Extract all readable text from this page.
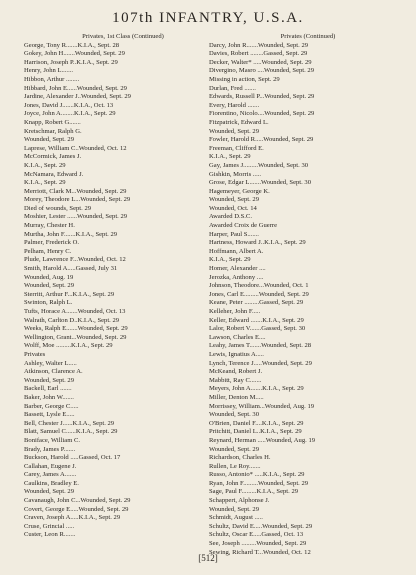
107th INFANTRY, U.S.A.
Privates, 1st Class (Continued)
George, Tony R.......K.I.A., Sept. 28
Gokey, John H.......Wounded, Sept. 29
Harrison, Joseph P..K.I.A., Sept. 29
Henry, John L.......
Hibbon, Arthur ........
Hibbard, John E......Wounded, Sept. 29
Jardine, Alexander J..Wounded, Sept. 29
Jones, David J.......K.I.A., Oct. 13
Joyce, John A........K.I.A., Sept. 29
Knapp, Robert G.......
Kretschmar, Ralph G.
Wounded, Sept. 29
Laprese, William C..Wounded, Oct. 12
McCormick, James J.
K.I.A., Sept. 29
McNamara, Edward J.
K.I.A., Sept. 29
Merriott, Clark M...Wounded, Sept. 29
Morey, Theodore L...Wounded, Sept. 29
Died of wounds, Sept. 29
Moshier, Lester ......Wounded, Sept. 29
Murray, Chester H.
Murtha, John F.......K.I.A., Sept. 29
Palmer, Frederick O.
Pelham, Henry C.
Plude, Lawrence F...Wounded, Oct. 12
Smith, Harold A.....Gassed, July 31
Wounded, Aug. 19
Wounded, Sept. 29
Sterritt, Arthur F...K.I.A., Sept. 29
Swinton, Ralph L.
Tufts, Horace A.......Wounded, Oct. 13
Walrath, Carlton D..K.I.A., Sept. 29
Weeks, Ralph E.......Wounded, Sept. 29
Wellington, Grant...Wounded, Sept. 29
Wolff, Moe .........K.I.A., Sept. 29
Privates
Ashley, Walter L.....
Atkinson, Clarence A.
Wounded, Sept. 29
Backell, Earl .......
Baker, John W.......
Barber, George C.....
Bassett, Lysle E.....
Bell, Chester J......K.I.A., Sept. 29
Blatt, Samuel C......K.I.A., Sept. 29
Boniface, William C.
Brady, James P.......
Buckson, Harold .....Gassed, Oct. 17
Callahan, Eugene J.
Carey, James A.......
Caulkins, Bradley E.
Wounded, Sept. 29
Cavanaugh, John C...Wounded, Sept. 29
Covert, George E.....Wounded, Sept. 29
Craven, Joseph A.....K.I.A., Sept. 29
Cruse, Grincial .....
Custer, Leon R.......
Privates (Continued)
Darcy, John R.......Wounded, Sept. 29
Davies, Robert ........Gassed, Sept. 29
Decker, Walter* .....Wounded, Sept. 29
Divergino, Masro ....Wounded, Sept. 29
Missing in action, Sept. 29
Durlan, Fred .......
Edwards, Russell P...Wounded, Sept. 29
Every, Harold .......
Fiorentino, Nicolo....Wounded, Sept. 29
Fitzpatrick, Edward L.
Wounded, Sept. 29
Fowler, Harold R.....Wounded, Sept. 29
Freeman, Clifford E.
K.I.A., Sept. 29
Gay, James J.........Wounded, Sept. 30
Gishkin, Morris .....
Grose, Edgar L.......Wounded, Sept. 30
Hagemeyer, George K.
Wounded, Sept. 29
Wounded, Oct. 14
Awarded D.S.C.
Awarded Croix de Guerre
Harper, Paul S.......
Hartness, Howard J..K.I.A., Sept. 29
Hoffmann, Albert A.
K.I.A., Sept. 29
Homer, Alexander ....
Jerozka, Anthony ....
Johnson, Theodore...Wounded, Oct. 1
Jones, Carl E.........Wounded, Sept. 29
Keane, Peter .........Gassed, Sept. 29
Kelleher, John F.....
Keller, Edward .......K.I.A., Sept. 29
Lalor, Robert V.......Gassed, Sept. 30
Lawson, Charles E....
Leahy, James T.......Wounded, Sept. 28
Lewis, Ignatius A.....
Lynch, Terence J.....Wounded, Sept. 29
McKeand, Robert J.
Mabbitt, Ray C.......
Meyers, John A.......K.I.A., Sept. 29
Miller, Denton M.....
Morrissey, William...Wounded, Aug. 19
Wounded, Sept. 30
O'Brien, Daniel F....K.I.A., Sept. 29
Pritchitt, Daniel L..K.I.A., Sept. 29
Reynard, Herman .....Wounded, Aug. 19
Wounded, Sept. 29
Richardson, Charles H.
Rullen, Le Roy.......
Russo, Antonio* .....K.I.A., Sept. 29
Ryan, John F.........Wounded, Sept. 29
Sage, Paul F.........K.I.A., Sept. 29
Schappert, Alphonse J.
Wounded, Sept. 29
Schmidt, August .....
Schultz, David E.....Wounded, Sept. 29
Schultz, Oscar E.....Gassed, Oct. 13
See, Joseph .........Wounded, Sept. 29
Sewing, Richard T...Wounded, Oct. 12
[512]
